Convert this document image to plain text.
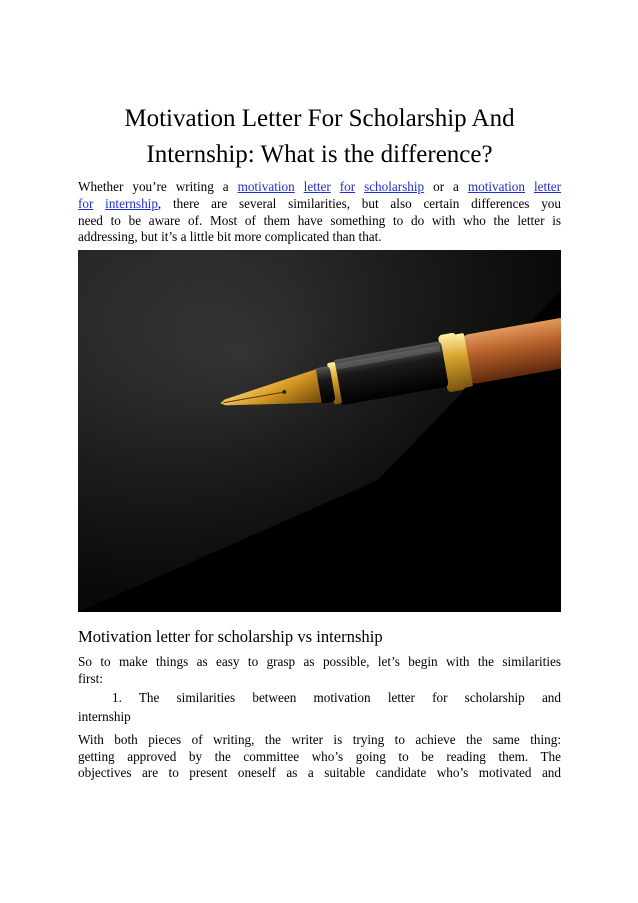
Motivation Letter For Scholarship And
Internship: What is the difference?
Whether you’re writing a motivation letter for scholarship or a motivation letter
for internship, there are several similarities, but also certain differences you
need to be aware of. Most of them have something to do with who the letter is
addressing, but it’s a little bit more complicated than that.
Motivation letter for scholarship vs internship
So to make things as easy to grasp as possible, let’s begin with the similarities
first:
1. The similarities between motivation letter for scholarship and
internship
With both pieces of writing, the writer is trying to achieve the same thing:
getting approved by the committee who’s going to be reading them. The
objectives are to present oneself as a suitable candidate who’s motivated and
